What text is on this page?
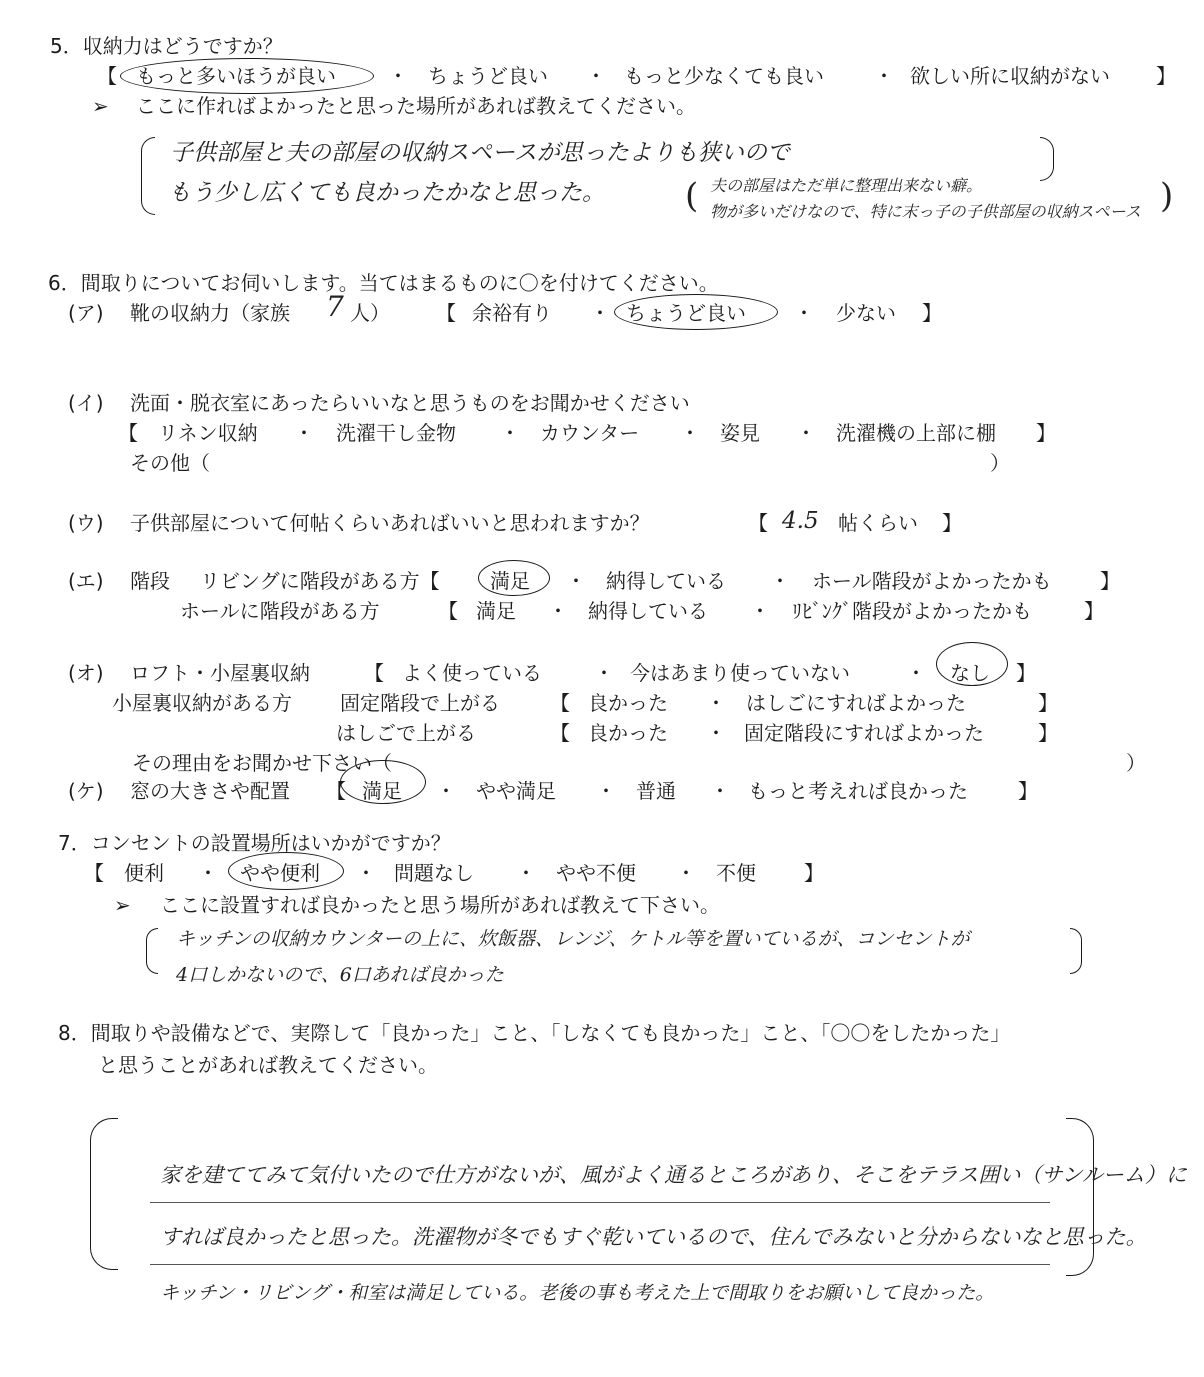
5．収納力はどうですか？
【 もっと多いほうが良い	・ ちょうど良い ・ もっと少なくても良い	・ 欲しい所に収納がない 】
➢ ここに作ればよかったと思った場所があれば教えてください。
子供部屋と夫の部屋の収納スペースが思ったよりも狭いので
もう少し広くても良かったかなと思った。 ( 夫の部屋はただ単に整理出来ない癖。
物が多いだけなので、特に末っ子の子供部屋の収納スペース )
6．間取りについてお伺いします。当てはまるものに〇を付けてください。
(ア) 靴の収納力（家族 7 人） 【 余裕有り ・ ちょうど良い ・ 少ない 】
(イ) 洗面・脱衣室にあったらいいなと思うものをお聞かせください
【 リネン収納 ・ 洗濯干し金物 ・ カウンター ・ 姿見 ・ 洗濯機の上部に棚 】
その他（	）
(ウ) 子供部屋について何帖くらいあればいいと思われますか？	【 4.5 帖くらい 】
(エ) 階段 リビングに階段がある方【	満足 ・ 納得している ・ ホール階段がよかったかも 】
ホールに階段がある方	【 満足 ・ 納得している ・ ﾘﾋﾞﾝｸﾞ階段がよかったかも	】
(オ) ロフト・小屋裏収納	【 よく使っている	・ 今はあまり使っていない	・ なし 】
小屋裏収納がある方 固定階段で上がる	【 良かった ・ はしごにすればよかった	】
はしごで上がる	【 良かった ・ 固定階段にすればよかった	】
その理由をお聞かせ下さい（	）
(ケ) 窓の大きさや配置 【 満足 ・ やや満足 ・ 普通 ・ もっと考えれば良かった	】
7．コンセントの設置場所はいかがですか？
【 便利 ・ やや便利 ・ 問題なし ・ やや不便 ・ 不便 】
➢ ここに設置すれば良かったと思う場所があれば教えて下さい。
キッチンの収納カウンターの上に、炊飯器、レンジ、ケトル等を置いているが、コンセントが
4口しかないので、6口あれば良かった
8．間取りや設備などで、実際して「良かった」こと、「しなくても良かった」こと、「〇〇をしたかった」
と思うことがあれば教えてください。
家を建ててみて気付いたので仕方がないが、風がよく通るところがあり、そこをテラス囲い（サンルーム）に
すれば良かったと思った。洗濯物が冬でもすぐ乾いているので、住んでみないと分からないなと思った。
キッチン・リビング・和室は満足している。老後の事も考えた上で間取りをお願いして良かった。
